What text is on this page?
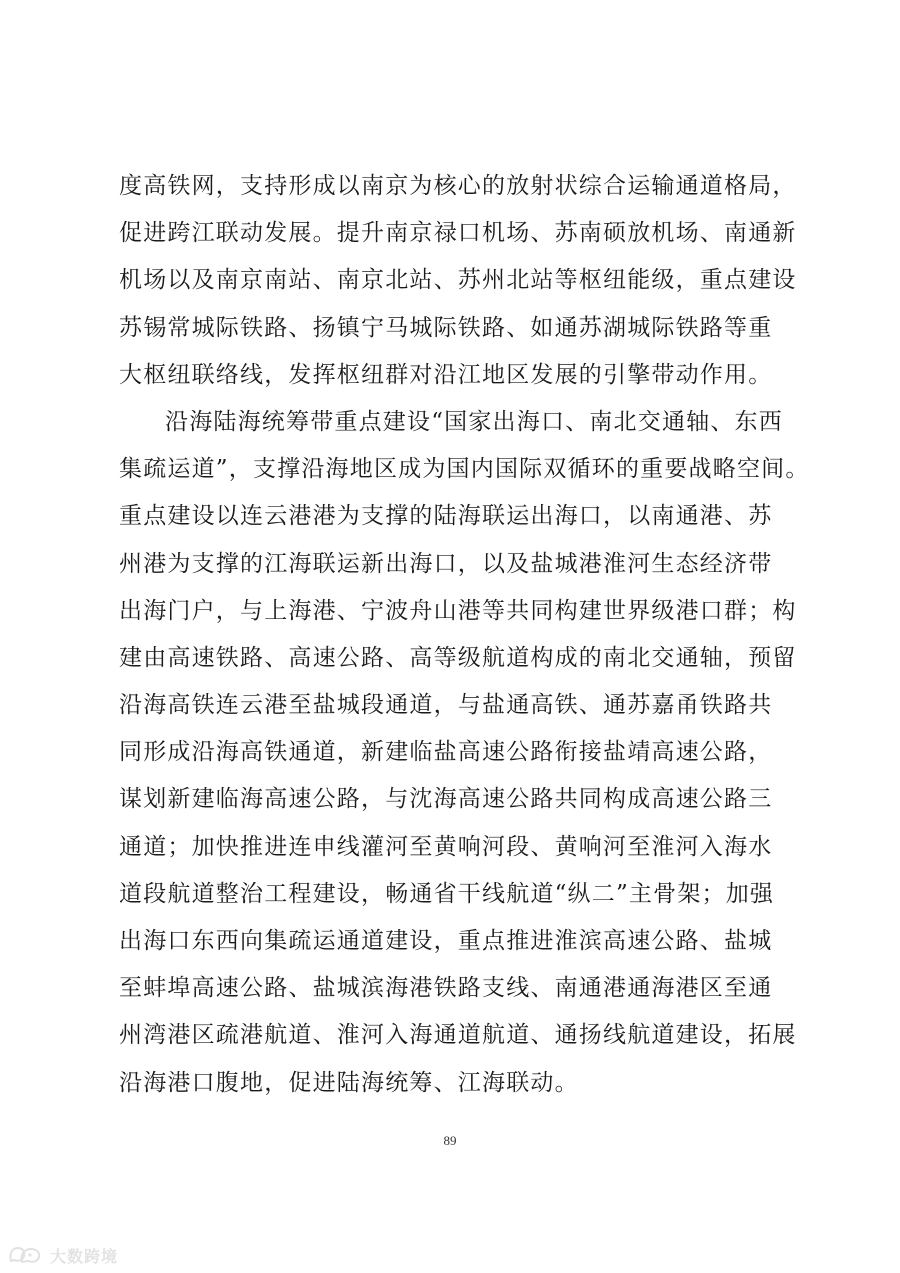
度高铁网，支持形成以南京为核心的放射状综合运输通道格局，
促进跨江联动发展。提升南京禄口机场、苏南硕放机场、南通新
机场以及南京南站、南京北站、苏州北站等枢纽能级，重点建设
苏锡常城际铁路、扬镇宁马城际铁路、如通苏湖城际铁路等重
大枢纽联络线，发挥枢纽群对沿江地区发展的引擎带动作用。
沿海陆海统筹带重点建设“国家出海口、南北交通轴、东西
集疏运道”，支撑沿海地区成为国内国际双循环的重要战略空间。
重点建设以连云港港为支撑的陆海联运出海口，以南通港、苏
州港为支撑的江海联运新出海口，以及盐城港淮河生态经济带
出海门户，与上海港、宁波舟山港等共同构建世界级港口群；构
建由高速铁路、高速公路、高等级航道构成的南北交通轴，预留
沿海高铁连云港至盐城段通道，与盐通高铁、通苏嘉甬铁路共
同形成沿海高铁通道，新建临盐高速公路衔接盐靖高速公路，
谋划新建临海高速公路，与沈海高速公路共同构成高速公路三
通道；加快推进连申线灌河至黄响河段、黄响河至淮河入海水
道段航道整治工程建设，畅通省干线航道“纵二”主骨架；加强
出海口东西向集疏运通道建设，重点推进淮滨高速公路、盐城
至蚌埠高速公路、盐城滨海港铁路支线、南通港通海港区至通
州湾港区疏港航道、淮河入海通道航道、通扬线航道建设，拓展
沿海港口腹地，促进陆海统筹、江海联动。
89
大数跨境
